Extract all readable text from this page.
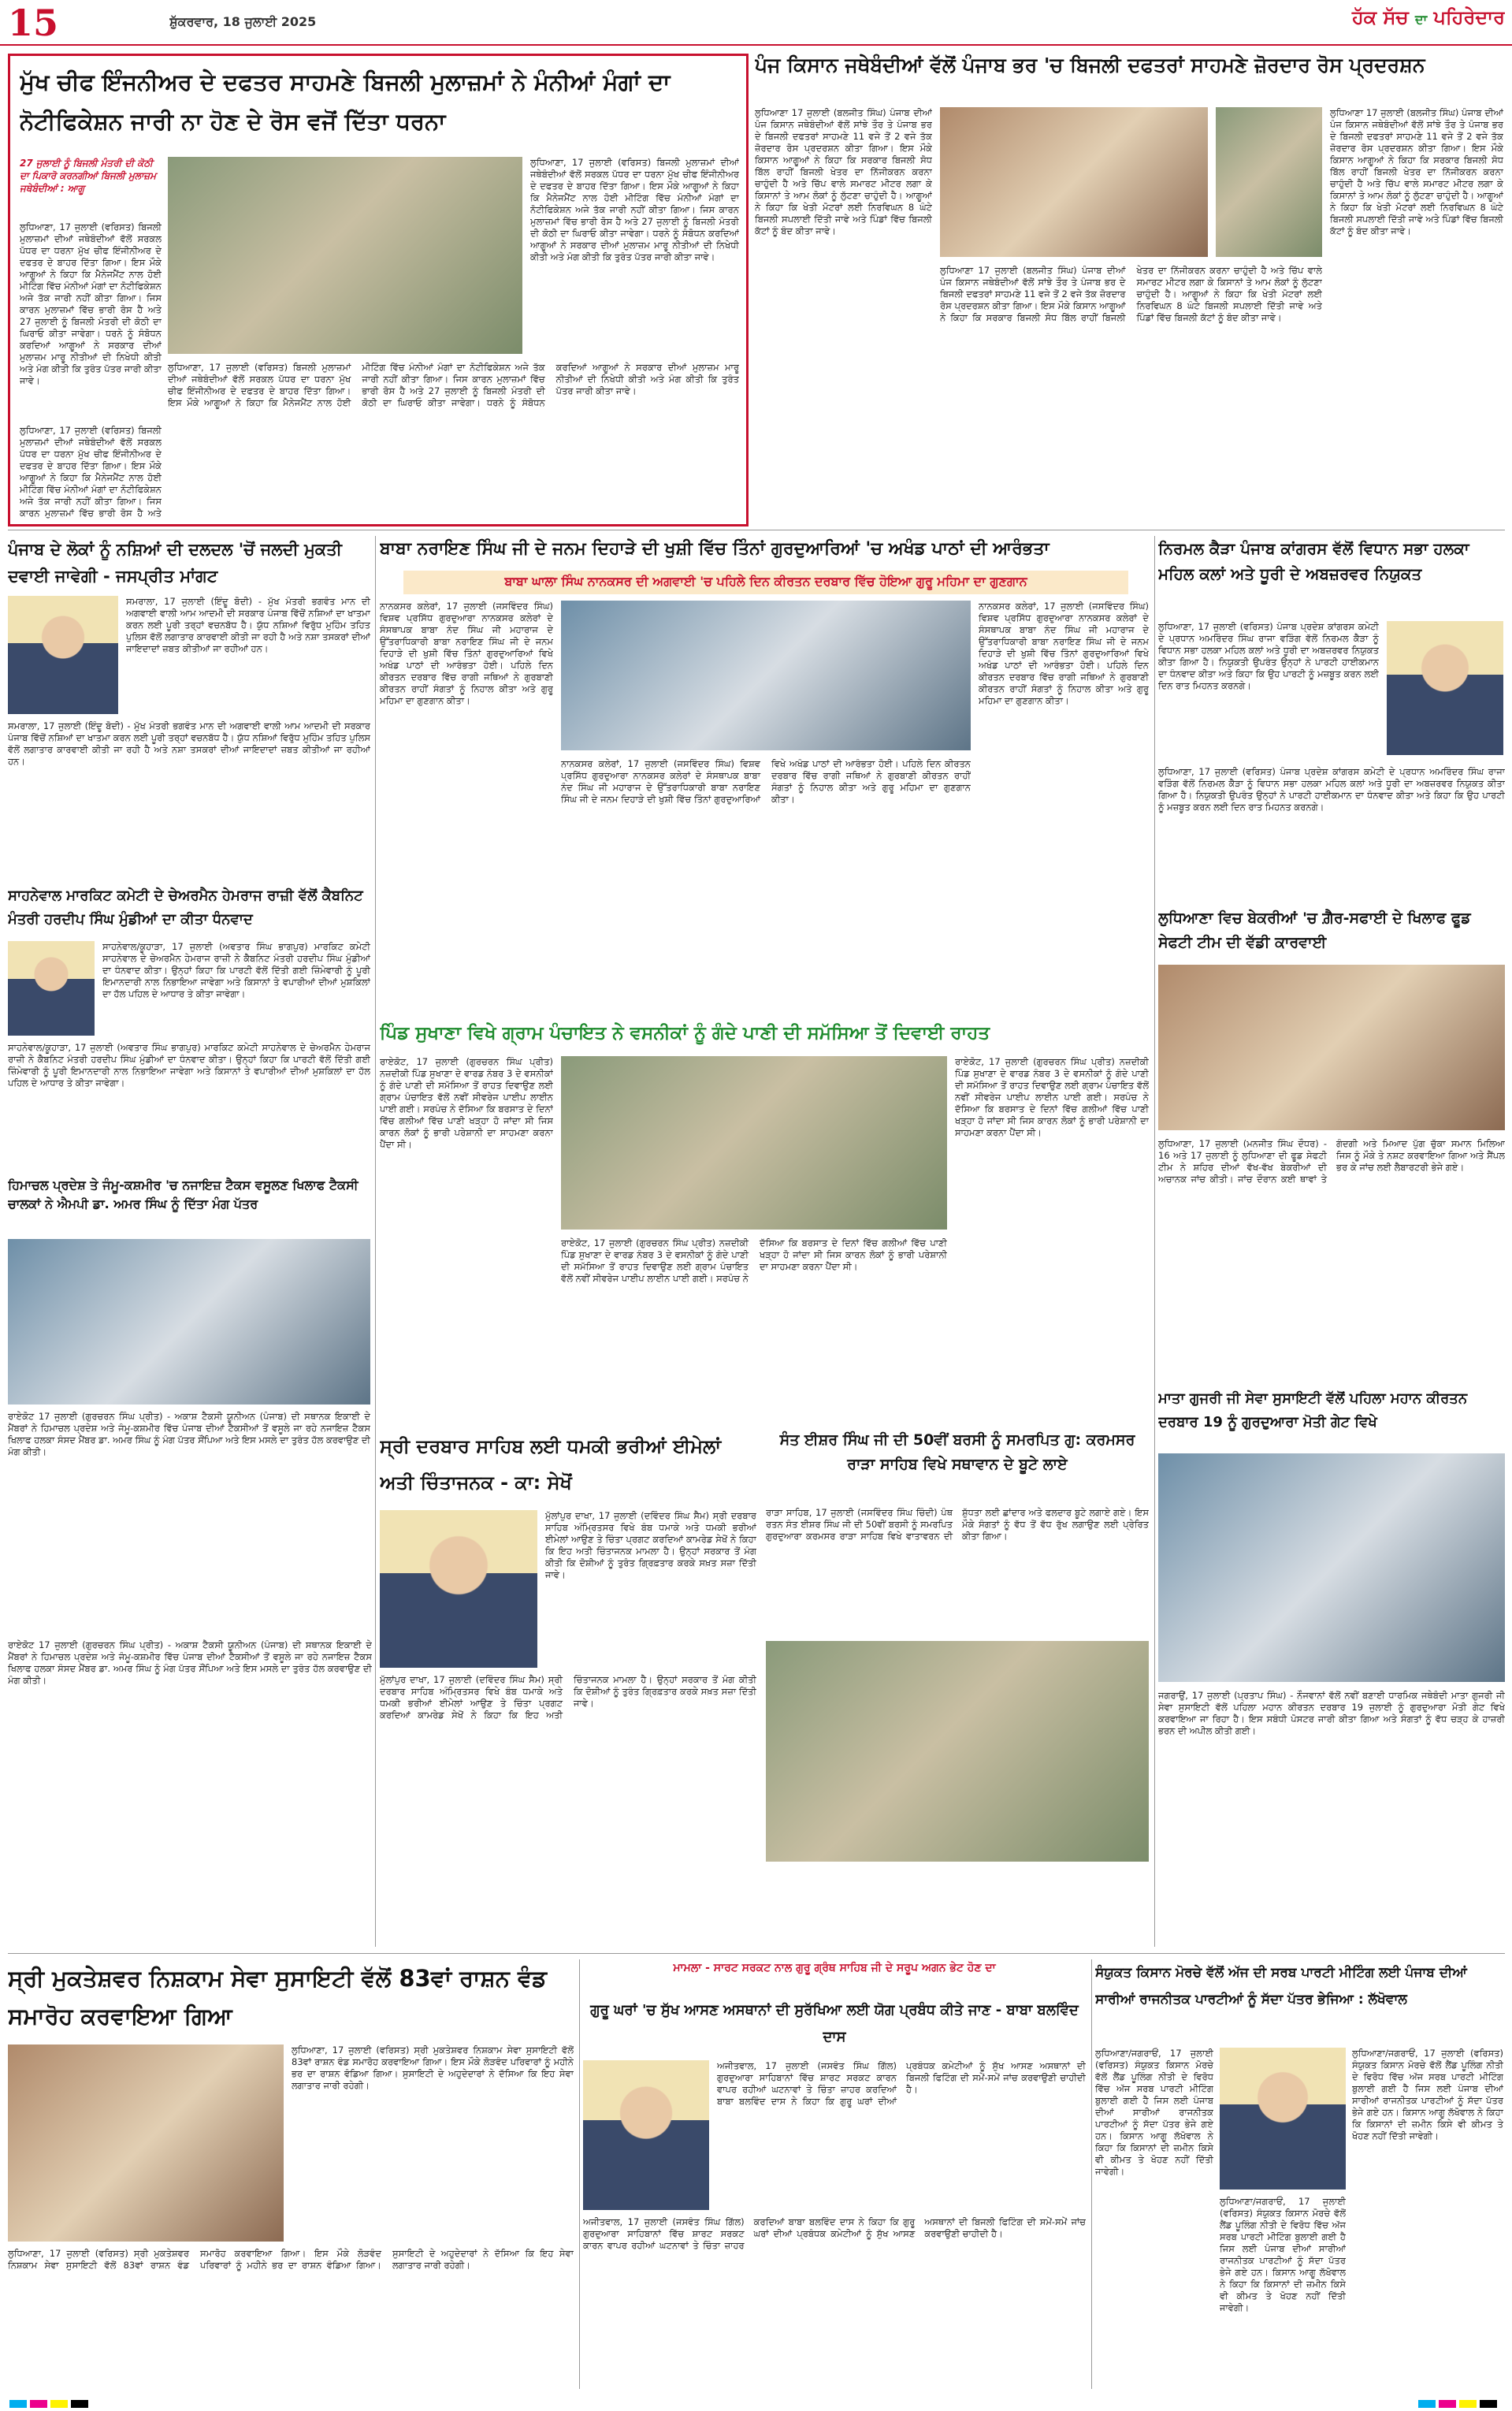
15	ਸ਼ੁੱਕਰਵਾਰ, 18 ਜੁਲਾਈ 2025	ਹੱਕ ਸੱਚ ਦਾ ਪਹਿਰੇਦਾਰ
ਮੁੱਖ ਚੀਫ ਇੰਜਨੀਅਰ ਦੇ ਦਫਤਰ ਸਾਹਮਣੇ ਬਿਜਲੀ ਮੁਲਾਜ਼ਮਾਂ ਨੇ ਮੰਨੀਆਂ ਮੰਗਾਂ ਦਾ ਨੋਟੀਫਿਕੇਸ਼ਨ ਜਾਰੀ ਨਾ ਹੋਣ ਦੇ ਰੋਸ ਵਜੋਂ ਦਿੱਤਾ ਧਰਨਾ
27 ਜੁਲਾਈ ਨੂੰ ਬਿਜਲੀ ਮੰਤਰੀ ਦੀ ਕੋਠੀ ਦਾ ਪਿਕਾਰੋ ਕਰਨਗੀਆਂ ਬਿਜਲੀ ਮੁਲਾਜ਼ਮ ਜਥੇਬੰਦੀਆਂ : ਆਗੂ
ਲੁਧਿਆਣਾ, 17 ਜੁਲਾਈ (ਵਰਿਸਤ) ਬਿਜਲੀ ਮੁਲਾਜ਼ਮਾਂ ਦੀਆਂ ਜਥੇਬੰਦੀਆਂ ਵੱਲੋਂ ਸਰਕਲ ਪੱਧਰ ਦਾ ਧਰਨਾ ਮੁੱਖ ਚੀਫ ਇੰਜੀਨੀਅਰ ਦੇ ਦਫਤਰ ਦੇ ਬਾਹਰ ਦਿੱਤਾ ਗਿਆ। ਇਸ ਮੌਕੇ ਆਗੂਆਂ ਨੇ ਕਿਹਾ ਕਿ ਮੈਨੇਜਮੈਂਟ ਨਾਲ ਹੋਈ ਮੀਟਿੰਗ ਵਿੱਚ ਮੰਨੀਆਂ ਮੰਗਾਂ ਦਾ ਨੋਟੀਫਿਕੇਸ਼ਨ ਅਜੇ ਤੱਕ ਜਾਰੀ ਨਹੀਂ ਕੀਤਾ ਗਿਆ। ਜਿਸ ਕਾਰਨ ਮੁਲਾਜ਼ਮਾਂ ਵਿੱਚ ਭਾਰੀ ਰੋਸ ਹੈ ਅਤੇ 27 ਜੁਲਾਈ ਨੂੰ ਬਿਜਲੀ ਮੰਤਰੀ ਦੀ ਕੋਠੀ ਦਾ ਘਿਰਾਓ ਕੀਤਾ ਜਾਵੇਗਾ। ਧਰਨੇ ਨੂੰ ਸੰਬੋਧਨ ਕਰਦਿਆਂ ਆਗੂਆਂ ਨੇ ਸਰਕਾਰ ਦੀਆਂ ਮੁਲਾਜ਼ਮ ਮਾਰੂ ਨੀਤੀਆਂ ਦੀ ਨਿਖੇਧੀ ਕੀਤੀ ਅਤੇ ਮੰਗ ਕੀਤੀ ਕਿ ਤੁਰੰਤ ਪੱਤਰ ਜਾਰੀ ਕੀਤਾ ਜਾਵੇ।
ਲੁਧਿਆਣਾ, 17 ਜੁਲਾਈ (ਵਰਿਸਤ) ਬਿਜਲੀ ਮੁਲਾਜ਼ਮਾਂ ਦੀਆਂ ਜਥੇਬੰਦੀਆਂ ਵੱਲੋਂ ਸਰਕਲ ਪੱਧਰ ਦਾ ਧਰਨਾ ਮੁੱਖ ਚੀਫ ਇੰਜੀਨੀਅਰ ਦੇ ਦਫਤਰ ਦੇ ਬਾਹਰ ਦਿੱਤਾ ਗਿਆ। ਇਸ ਮੌਕੇ ਆਗੂਆਂ ਨੇ ਕਿਹਾ ਕਿ ਮੈਨੇਜਮੈਂਟ ਨਾਲ ਹੋਈ ਮੀਟਿੰਗ ਵਿੱਚ ਮੰਨੀਆਂ ਮੰਗਾਂ ਦਾ ਨੋਟੀਫਿਕੇਸ਼ਨ ਅਜੇ ਤੱਕ ਜਾਰੀ ਨਹੀਂ ਕੀਤਾ ਗਿਆ। ਜਿਸ ਕਾਰਨ ਮੁਲਾਜ਼ਮਾਂ ਵਿੱਚ ਭਾਰੀ ਰੋਸ ਹੈ ਅਤੇ 27 ਜੁਲਾਈ ਨੂੰ ਬਿਜਲੀ ਮੰਤਰੀ ਦੀ ਕੋਠੀ ਦਾ ਘਿਰਾਓ ਕੀਤਾ ਜਾਵੇਗਾ। ਧਰਨੇ ਨੂੰ ਸੰਬੋਧਨ ਕਰਦਿਆਂ ਆਗੂਆਂ ਨੇ ਸਰਕਾਰ ਦੀਆਂ ਮੁਲਾਜ਼ਮ ਮਾਰੂ ਨੀਤੀਆਂ ਦੀ ਨਿਖੇਧੀ ਕੀਤੀ ਅਤੇ ਮੰਗ ਕੀਤੀ ਕਿ ਤੁਰੰਤ ਪੱਤਰ ਜਾਰੀ ਕੀਤਾ ਜਾਵੇ।
ਲੁਧਿਆਣਾ, 17 ਜੁਲਾਈ (ਵਰਿਸਤ) ਬਿਜਲੀ ਮੁਲਾਜ਼ਮਾਂ ਦੀਆਂ ਜਥੇਬੰਦੀਆਂ ਵੱਲੋਂ ਸਰਕਲ ਪੱਧਰ ਦਾ ਧਰਨਾ ਮੁੱਖ ਚੀਫ ਇੰਜੀਨੀਅਰ ਦੇ ਦਫਤਰ ਦੇ ਬਾਹਰ ਦਿੱਤਾ ਗਿਆ। ਇਸ ਮੌਕੇ ਆਗੂਆਂ ਨੇ ਕਿਹਾ ਕਿ ਮੈਨੇਜਮੈਂਟ ਨਾਲ ਹੋਈ ਮੀਟਿੰਗ ਵਿੱਚ ਮੰਨੀਆਂ ਮੰਗਾਂ ਦਾ ਨੋਟੀਫਿਕੇਸ਼ਨ ਅਜੇ ਤੱਕ ਜਾਰੀ ਨਹੀਂ ਕੀਤਾ ਗਿਆ। ਜਿਸ ਕਾਰਨ ਮੁਲਾਜ਼ਮਾਂ ਵਿੱਚ ਭਾਰੀ ਰੋਸ ਹੈ ਅਤੇ 27 ਜੁਲਾਈ ਨੂੰ ਬਿਜਲੀ ਮੰਤਰੀ ਦੀ ਕੋਠੀ ਦਾ ਘਿਰਾਓ ਕੀਤਾ ਜਾਵੇਗਾ। ਧਰਨੇ ਨੂੰ ਸੰਬੋਧਨ ਕਰਦਿਆਂ ਆਗੂਆਂ ਨੇ ਸਰਕਾਰ ਦੀਆਂ ਮੁਲਾਜ਼ਮ ਮਾਰੂ ਨੀਤੀਆਂ ਦੀ ਨਿਖੇਧੀ ਕੀਤੀ ਅਤੇ ਮੰਗ ਕੀਤੀ ਕਿ ਤੁਰੰਤ ਪੱਤਰ ਜਾਰੀ ਕੀਤਾ ਜਾਵੇ।
ਲੁਧਿਆਣਾ, 17 ਜੁਲਾਈ (ਵਰਿਸਤ) ਬਿਜਲੀ ਮੁਲਾਜ਼ਮਾਂ ਦੀਆਂ ਜਥੇਬੰਦੀਆਂ ਵੱਲੋਂ ਸਰਕਲ ਪੱਧਰ ਦਾ ਧਰਨਾ ਮੁੱਖ ਚੀਫ ਇੰਜੀਨੀਅਰ ਦੇ ਦਫਤਰ ਦੇ ਬਾਹਰ ਦਿੱਤਾ ਗਿਆ। ਇਸ ਮੌਕੇ ਆਗੂਆਂ ਨੇ ਕਿਹਾ ਕਿ ਮੈਨੇਜਮੈਂਟ ਨਾਲ ਹੋਈ ਮੀਟਿੰਗ ਵਿੱਚ ਮੰਨੀਆਂ ਮੰਗਾਂ ਦਾ ਨੋਟੀਫਿਕੇਸ਼ਨ ਅਜੇ ਤੱਕ ਜਾਰੀ ਨਹੀਂ ਕੀਤਾ ਗਿਆ। ਜਿਸ ਕਾਰਨ ਮੁਲਾਜ਼ਮਾਂ ਵਿੱਚ ਭਾਰੀ ਰੋਸ ਹੈ ਅਤੇ
ਪੰਜ ਕਿਸਾਨ ਜਥੇਬੰਦੀਆਂ ਵੱਲੋਂ ਪੰਜਾਬ ਭਰ 'ਚ ਬਿਜਲੀ ਦਫਤਰਾਂ ਸਾਹਮਣੇ ਜ਼ੋਰਦਾਰ ਰੋਸ ਪ੍ਰਦਰਸ਼ਨ
ਲੁਧਿਆਣਾ 17 ਜੁਲਾਈ (ਬਲਜੀਤ ਸਿੰਘ) ਪੰਜਾਬ ਦੀਆਂ ਪੰਜ ਕਿਸਾਨ ਜਥੇਬੰਦੀਆਂ ਵੱਲੋਂ ਸਾਂਝੇ ਤੌਰ ਤੇ ਪੰਜਾਬ ਭਰ ਦੇ ਬਿਜਲੀ ਦਫਤਰਾਂ ਸਾਹਮਣੇ 11 ਵਜੇ ਤੋਂ 2 ਵਜੇ ਤੱਕ ਜ਼ੋਰਦਾਰ ਰੋਸ ਪ੍ਰਦਰਸ਼ਨ ਕੀਤਾ ਗਿਆ। ਇਸ ਮੌਕੇ ਕਿਸਾਨ ਆਗੂਆਂ ਨੇ ਕਿਹਾ ਕਿ ਸਰਕਾਰ ਬਿਜਲੀ ਸੋਧ ਬਿੱਲ ਰਾਹੀਂ ਬਿਜਲੀ ਖੇਤਰ ਦਾ ਨਿੱਜੀਕਰਨ ਕਰਨਾ ਚਾਹੁੰਦੀ ਹੈ ਅਤੇ ਚਿੱਪ ਵਾਲੇ ਸਮਾਰਟ ਮੀਟਰ ਲਗਾ ਕੇ ਕਿਸਾਨਾਂ ਤੇ ਆਮ ਲੋਕਾਂ ਨੂੰ ਲੁੱਟਣਾ ਚਾਹੁੰਦੀ ਹੈ। ਆਗੂਆਂ ਨੇ ਕਿਹਾ ਕਿ ਖੇਤੀ ਮੋਟਰਾਂ ਲਈ ਨਿਰਵਿਘਨ 8 ਘੰਟੇ ਬਿਜਲੀ ਸਪਲਾਈ ਦਿੱਤੀ ਜਾਵੇ ਅਤੇ ਪਿੰਡਾਂ ਵਿੱਚ ਬਿਜਲੀ ਕੱਟਾਂ ਨੂੰ ਬੰਦ ਕੀਤਾ ਜਾਵੇ।
ਲੁਧਿਆਣਾ 17 ਜੁਲਾਈ (ਬਲਜੀਤ ਸਿੰਘ) ਪੰਜਾਬ ਦੀਆਂ ਪੰਜ ਕਿਸਾਨ ਜਥੇਬੰਦੀਆਂ ਵੱਲੋਂ ਸਾਂਝੇ ਤੌਰ ਤੇ ਪੰਜਾਬ ਭਰ ਦੇ ਬਿਜਲੀ ਦਫਤਰਾਂ ਸਾਹਮਣੇ 11 ਵਜੇ ਤੋਂ 2 ਵਜੇ ਤੱਕ ਜ਼ੋਰਦਾਰ ਰੋਸ ਪ੍ਰਦਰਸ਼ਨ ਕੀਤਾ ਗਿਆ। ਇਸ ਮੌਕੇ ਕਿਸਾਨ ਆਗੂਆਂ ਨੇ ਕਿਹਾ ਕਿ ਸਰਕਾਰ ਬਿਜਲੀ ਸੋਧ ਬਿੱਲ ਰਾਹੀਂ ਬਿਜਲੀ ਖੇਤਰ ਦਾ ਨਿੱਜੀਕਰਨ ਕਰਨਾ ਚਾਹੁੰਦੀ ਹੈ ਅਤੇ ਚਿੱਪ ਵਾਲੇ ਸਮਾਰਟ ਮੀਟਰ ਲਗਾ ਕੇ ਕਿਸਾਨਾਂ ਤੇ ਆਮ ਲੋਕਾਂ ਨੂੰ ਲੁੱਟਣਾ ਚਾਹੁੰਦੀ ਹੈ। ਆਗੂਆਂ ਨੇ ਕਿਹਾ ਕਿ ਖੇਤੀ ਮੋਟਰਾਂ ਲਈ ਨਿਰਵਿਘਨ 8 ਘੰਟੇ ਬਿਜਲੀ ਸਪਲਾਈ ਦਿੱਤੀ ਜਾਵੇ ਅਤੇ ਪਿੰਡਾਂ ਵਿੱਚ ਬਿਜਲੀ ਕੱਟਾਂ ਨੂੰ ਬੰਦ ਕੀਤਾ ਜਾਵੇ।
ਲੁਧਿਆਣਾ 17 ਜੁਲਾਈ (ਬਲਜੀਤ ਸਿੰਘ) ਪੰਜਾਬ ਦੀਆਂ ਪੰਜ ਕਿਸਾਨ ਜਥੇਬੰਦੀਆਂ ਵੱਲੋਂ ਸਾਂਝੇ ਤੌਰ ਤੇ ਪੰਜਾਬ ਭਰ ਦੇ ਬਿਜਲੀ ਦਫਤਰਾਂ ਸਾਹਮਣੇ 11 ਵਜੇ ਤੋਂ 2 ਵਜੇ ਤੱਕ ਜ਼ੋਰਦਾਰ ਰੋਸ ਪ੍ਰਦਰਸ਼ਨ ਕੀਤਾ ਗਿਆ। ਇਸ ਮੌਕੇ ਕਿਸਾਨ ਆਗੂਆਂ ਨੇ ਕਿਹਾ ਕਿ ਸਰਕਾਰ ਬਿਜਲੀ ਸੋਧ ਬਿੱਲ ਰਾਹੀਂ ਬਿਜਲੀ ਖੇਤਰ ਦਾ ਨਿੱਜੀਕਰਨ ਕਰਨਾ ਚਾਹੁੰਦੀ ਹੈ ਅਤੇ ਚਿੱਪ ਵਾਲੇ ਸਮਾਰਟ ਮੀਟਰ ਲਗਾ ਕੇ ਕਿਸਾਨਾਂ ਤੇ ਆਮ ਲੋਕਾਂ ਨੂੰ ਲੁੱਟਣਾ ਚਾਹੁੰਦੀ ਹੈ। ਆਗੂਆਂ ਨੇ ਕਿਹਾ ਕਿ ਖੇਤੀ ਮੋਟਰਾਂ ਲਈ ਨਿਰਵਿਘਨ 8 ਘੰਟੇ ਬਿਜਲੀ ਸਪਲਾਈ ਦਿੱਤੀ ਜਾਵੇ ਅਤੇ ਪਿੰਡਾਂ ਵਿੱਚ ਬਿਜਲੀ ਕੱਟਾਂ ਨੂੰ ਬੰਦ ਕੀਤਾ ਜਾਵੇ।
ਪੰਜਾਬ ਦੇ ਲੋਕਾਂ ਨੂੰ ਨਸ਼ਿਆਂ ਦੀ ਦਲਦਲ 'ਚੋਂ ਜਲਦੀ ਮੁਕਤੀ ਦਵਾਈ ਜਾਵੇਗੀ - ਜਸਪ੍ਰੀਤ ਮਾਂਗਟ
ਸਮਰਾਲਾ, 17 ਜੁਲਾਈ (ਇੰਦੂ ਬੋਦੀ) - ਮੁੱਖ ਮੰਤਰੀ ਭਗਵੰਤ ਮਾਨ ਦੀ ਅਗਵਾਈ ਵਾਲੀ ਆਮ ਆਦਮੀ ਦੀ ਸਰਕਾਰ ਪੰਜਾਬ ਵਿੱਚੋਂ ਨਸ਼ਿਆਂ ਦਾ ਖਾਤਮਾ ਕਰਨ ਲਈ ਪੂਰੀ ਤਰ੍ਹਾਂ ਵਚਨਬੱਧ ਹੈ। ਯੁੱਧ ਨਸ਼ਿਆਂ ਵਿਰੁੱਧ ਮੁਹਿੰਮ ਤਹਿਤ ਪੁਲਿਸ ਵੱਲੋਂ ਲਗਾਤਾਰ ਕਾਰਵਾਈ ਕੀਤੀ ਜਾ ਰਹੀ ਹੈ ਅਤੇ ਨਸ਼ਾ ਤਸਕਰਾਂ ਦੀਆਂ ਜਾਇਦਾਦਾਂ ਜ਼ਬਤ ਕੀਤੀਆਂ ਜਾ ਰਹੀਆਂ ਹਨ।
ਸਮਰਾਲਾ, 17 ਜੁਲਾਈ (ਇੰਦੂ ਬੋਦੀ) - ਮੁੱਖ ਮੰਤਰੀ ਭਗਵੰਤ ਮਾਨ ਦੀ ਅਗਵਾਈ ਵਾਲੀ ਆਮ ਆਦਮੀ ਦੀ ਸਰਕਾਰ ਪੰਜਾਬ ਵਿੱਚੋਂ ਨਸ਼ਿਆਂ ਦਾ ਖਾਤਮਾ ਕਰਨ ਲਈ ਪੂਰੀ ਤਰ੍ਹਾਂ ਵਚਨਬੱਧ ਹੈ। ਯੁੱਧ ਨਸ਼ਿਆਂ ਵਿਰੁੱਧ ਮੁਹਿੰਮ ਤਹਿਤ ਪੁਲਿਸ ਵੱਲੋਂ ਲਗਾਤਾਰ ਕਾਰਵਾਈ ਕੀਤੀ ਜਾ ਰਹੀ ਹੈ ਅਤੇ ਨਸ਼ਾ ਤਸਕਰਾਂ ਦੀਆਂ ਜਾਇਦਾਦਾਂ ਜ਼ਬਤ ਕੀਤੀਆਂ ਜਾ ਰਹੀਆਂ ਹਨ।
ਬਾਬਾ ਨਰਾਇਣ ਸਿੰਘ ਜੀ ਦੇ ਜਨਮ ਦਿਹਾੜੇ ਦੀ ਖੁਸ਼ੀ ਵਿੱਚ ਤਿੰਨਾਂ ਗੁਰਦੁਆਰਿਆਂ 'ਚ ਅਖੰਡ ਪਾਠਾਂ ਦੀ ਆਰੰਭਤਾ
ਬਾਬਾ ਘਾਲਾ ਸਿੰਘ ਨਾਨਕਸਰ ਦੀ ਅਗਵਾਈ 'ਚ ਪਹਿਲੇ ਦਿਨ ਕੀਰਤਨ ਦਰਬਾਰ ਵਿੱਚ ਹੋਇਆ ਗੁਰੂ ਮਹਿਮਾ ਦਾ ਗੁਣਗਾਨ
ਨਾਨਕਸਰ ਕਲੇਰਾਂ, 17 ਜੁਲਾਈ (ਜਸਵਿੰਦਰ ਸਿੰਘ) ਵਿਸ਼ਵ ਪ੍ਰਸਿੱਧ ਗੁਰਦੁਆਰਾ ਨਾਨਕਸਰ ਕਲੇਰਾਂ ਦੇ ਸੰਸਥਾਪਕ ਬਾਬਾ ਨੰਦ ਸਿੰਘ ਜੀ ਮਹਾਰਾਜ ਦੇ ਉੱਤਰਾਧਿਕਾਰੀ ਬਾਬਾ ਨਰਾਇਣ ਸਿੰਘ ਜੀ ਦੇ ਜਨਮ ਦਿਹਾੜੇ ਦੀ ਖੁਸ਼ੀ ਵਿੱਚ ਤਿੰਨਾਂ ਗੁਰਦੁਆਰਿਆਂ ਵਿਖੇ ਅਖੰਡ ਪਾਠਾਂ ਦੀ ਆਰੰਭਤਾ ਹੋਈ। ਪਹਿਲੇ ਦਿਨ ਕੀਰਤਨ ਦਰਬਾਰ ਵਿੱਚ ਰਾਗੀ ਜਥਿਆਂ ਨੇ ਗੁਰਬਾਣੀ ਕੀਰਤਨ ਰਾਹੀਂ ਸੰਗਤਾਂ ਨੂੰ ਨਿਹਾਲ ਕੀਤਾ ਅਤੇ ਗੁਰੂ ਮਹਿਮਾ ਦਾ ਗੁਣਗਾਨ ਕੀਤਾ।
ਨਾਨਕਸਰ ਕਲੇਰਾਂ, 17 ਜੁਲਾਈ (ਜਸਵਿੰਦਰ ਸਿੰਘ) ਵਿਸ਼ਵ ਪ੍ਰਸਿੱਧ ਗੁਰਦੁਆਰਾ ਨਾਨਕਸਰ ਕਲੇਰਾਂ ਦੇ ਸੰਸਥਾਪਕ ਬਾਬਾ ਨੰਦ ਸਿੰਘ ਜੀ ਮਹਾਰਾਜ ਦੇ ਉੱਤਰਾਧਿਕਾਰੀ ਬਾਬਾ ਨਰਾਇਣ ਸਿੰਘ ਜੀ ਦੇ ਜਨਮ ਦਿਹਾੜੇ ਦੀ ਖੁਸ਼ੀ ਵਿੱਚ ਤਿੰਨਾਂ ਗੁਰਦੁਆਰਿਆਂ ਵਿਖੇ ਅਖੰਡ ਪਾਠਾਂ ਦੀ ਆਰੰਭਤਾ ਹੋਈ। ਪਹਿਲੇ ਦਿਨ ਕੀਰਤਨ ਦਰਬਾਰ ਵਿੱਚ ਰਾਗੀ ਜਥਿਆਂ ਨੇ ਗੁਰਬਾਣੀ ਕੀਰਤਨ ਰਾਹੀਂ ਸੰਗਤਾਂ ਨੂੰ ਨਿਹਾਲ ਕੀਤਾ ਅਤੇ ਗੁਰੂ ਮਹਿਮਾ ਦਾ ਗੁਣਗਾਨ ਕੀਤਾ।
ਨਾਨਕਸਰ ਕਲੇਰਾਂ, 17 ਜੁਲਾਈ (ਜਸਵਿੰਦਰ ਸਿੰਘ) ਵਿਸ਼ਵ ਪ੍ਰਸਿੱਧ ਗੁਰਦੁਆਰਾ ਨਾਨਕਸਰ ਕਲੇਰਾਂ ਦੇ ਸੰਸਥਾਪਕ ਬਾਬਾ ਨੰਦ ਸਿੰਘ ਜੀ ਮਹਾਰਾਜ ਦੇ ਉੱਤਰਾਧਿਕਾਰੀ ਬਾਬਾ ਨਰਾਇਣ ਸਿੰਘ ਜੀ ਦੇ ਜਨਮ ਦਿਹਾੜੇ ਦੀ ਖੁਸ਼ੀ ਵਿੱਚ ਤਿੰਨਾਂ ਗੁਰਦੁਆਰਿਆਂ ਵਿਖੇ ਅਖੰਡ ਪਾਠਾਂ ਦੀ ਆਰੰਭਤਾ ਹੋਈ। ਪਹਿਲੇ ਦਿਨ ਕੀਰਤਨ ਦਰਬਾਰ ਵਿੱਚ ਰਾਗੀ ਜਥਿਆਂ ਨੇ ਗੁਰਬਾਣੀ ਕੀਰਤਨ ਰਾਹੀਂ ਸੰਗਤਾਂ ਨੂੰ ਨਿਹਾਲ ਕੀਤਾ ਅਤੇ ਗੁਰੂ ਮਹਿਮਾ ਦਾ ਗੁਣਗਾਨ ਕੀਤਾ।
ਨਿਰਮਲ ਕੈੜਾ ਪੰਜਾਬ ਕਾਂਗਰਸ ਵੱਲੋਂ ਵਿਧਾਨ ਸਭਾ ਹਲਕਾ ਮਹਿਲ ਕਲਾਂ ਅਤੇ ਧੂਰੀ ਦੇ ਅਬਜ਼ਰਵਰ ਨਿਯੁਕਤ
ਲੁਧਿਆਣਾ, 17 ਜੁਲਾਈ (ਵਰਿਸਤ) ਪੰਜਾਬ ਪ੍ਰਦੇਸ਼ ਕਾਂਗਰਸ ਕਮੇਟੀ ਦੇ ਪ੍ਰਧਾਨ ਅਮਰਿੰਦਰ ਸਿੰਘ ਰਾਜਾ ਵੜਿੰਗ ਵੱਲੋਂ ਨਿਰਮਲ ਕੈੜਾ ਨੂੰ ਵਿਧਾਨ ਸਭਾ ਹਲਕਾ ਮਹਿਲ ਕਲਾਂ ਅਤੇ ਧੂਰੀ ਦਾ ਅਬਜ਼ਰਵਰ ਨਿਯੁਕਤ ਕੀਤਾ ਗਿਆ ਹੈ। ਨਿਯੁਕਤੀ ਉਪਰੰਤ ਉਨ੍ਹਾਂ ਨੇ ਪਾਰਟੀ ਹਾਈਕਮਾਨ ਦਾ ਧੰਨਵਾਦ ਕੀਤਾ ਅਤੇ ਕਿਹਾ ਕਿ ਉਹ ਪਾਰਟੀ ਨੂੰ ਮਜ਼ਬੂਤ ਕਰਨ ਲਈ ਦਿਨ ਰਾਤ ਮਿਹਨਤ ਕਰਨਗੇ।
ਲੁਧਿਆਣਾ, 17 ਜੁਲਾਈ (ਵਰਿਸਤ) ਪੰਜਾਬ ਪ੍ਰਦੇਸ਼ ਕਾਂਗਰਸ ਕਮੇਟੀ ਦੇ ਪ੍ਰਧਾਨ ਅਮਰਿੰਦਰ ਸਿੰਘ ਰਾਜਾ ਵੜਿੰਗ ਵੱਲੋਂ ਨਿਰਮਲ ਕੈੜਾ ਨੂੰ ਵਿਧਾਨ ਸਭਾ ਹਲਕਾ ਮਹਿਲ ਕਲਾਂ ਅਤੇ ਧੂਰੀ ਦਾ ਅਬਜ਼ਰਵਰ ਨਿਯੁਕਤ ਕੀਤਾ ਗਿਆ ਹੈ। ਨਿਯੁਕਤੀ ਉਪਰੰਤ ਉਨ੍ਹਾਂ ਨੇ ਪਾਰਟੀ ਹਾਈਕਮਾਨ ਦਾ ਧੰਨਵਾਦ ਕੀਤਾ ਅਤੇ ਕਿਹਾ ਕਿ ਉਹ ਪਾਰਟੀ ਨੂੰ ਮਜ਼ਬੂਤ ਕਰਨ ਲਈ ਦਿਨ ਰਾਤ ਮਿਹਨਤ ਕਰਨਗੇ।
ਸਾਹਨੇਵਾਲ ਮਾਰਕਿਟ ਕਮੇਟੀ ਦੇ ਚੇਅਰਮੈਨ ਹੇਮਰਾਜ ਰਾਜ਼ੀ ਵੱਲੋਂ ਕੈਬਨਿਟ ਮੰਤਰੀ ਹਰਦੀਪ ਸਿੰਘ ਮੁੰਡੀਆਂ ਦਾ ਕੀਤਾ ਧੰਨਵਾਦ
ਸਾਹਨੇਵਾਲ/ਕੂਹਾੜਾ, 17 ਜੁਲਾਈ (ਅਵਤਾਰ ਸਿੰਘ ਭਾਗਪੁਰ) ਮਾਰਕਿਟ ਕਮੇਟੀ ਸਾਹਨੇਵਾਲ ਦੇ ਚੇਅਰਮੈਨ ਹੇਮਰਾਜ ਰਾਜ਼ੀ ਨੇ ਕੈਬਨਿਟ ਮੰਤਰੀ ਹਰਦੀਪ ਸਿੰਘ ਮੁੰਡੀਆਂ ਦਾ ਧੰਨਵਾਦ ਕੀਤਾ। ਉਨ੍ਹਾਂ ਕਿਹਾ ਕਿ ਪਾਰਟੀ ਵੱਲੋਂ ਦਿੱਤੀ ਗਈ ਜ਼ਿੰਮੇਵਾਰੀ ਨੂੰ ਪੂਰੀ ਇਮਾਨਦਾਰੀ ਨਾਲ ਨਿਭਾਇਆ ਜਾਵੇਗਾ ਅਤੇ ਕਿਸਾਨਾਂ ਤੇ ਵਪਾਰੀਆਂ ਦੀਆਂ ਮੁਸ਼ਕਿਲਾਂ ਦਾ ਹੱਲ ਪਹਿਲ ਦੇ ਆਧਾਰ ਤੇ ਕੀਤਾ ਜਾਵੇਗਾ।
ਸਾਹਨੇਵਾਲ/ਕੂਹਾੜਾ, 17 ਜੁਲਾਈ (ਅਵਤਾਰ ਸਿੰਘ ਭਾਗਪੁਰ) ਮਾਰਕਿਟ ਕਮੇਟੀ ਸਾਹਨੇਵਾਲ ਦੇ ਚੇਅਰਮੈਨ ਹੇਮਰਾਜ ਰਾਜ਼ੀ ਨੇ ਕੈਬਨਿਟ ਮੰਤਰੀ ਹਰਦੀਪ ਸਿੰਘ ਮੁੰਡੀਆਂ ਦਾ ਧੰਨਵਾਦ ਕੀਤਾ। ਉਨ੍ਹਾਂ ਕਿਹਾ ਕਿ ਪਾਰਟੀ ਵੱਲੋਂ ਦਿੱਤੀ ਗਈ ਜ਼ਿੰਮੇਵਾਰੀ ਨੂੰ ਪੂਰੀ ਇਮਾਨਦਾਰੀ ਨਾਲ ਨਿਭਾਇਆ ਜਾਵੇਗਾ ਅਤੇ ਕਿਸਾਨਾਂ ਤੇ ਵਪਾਰੀਆਂ ਦੀਆਂ ਮੁਸ਼ਕਿਲਾਂ ਦਾ ਹੱਲ ਪਹਿਲ ਦੇ ਆਧਾਰ ਤੇ ਕੀਤਾ ਜਾਵੇਗਾ।
ਲੁਧਿਆਣਾ ਵਿਚ ਬੇਕਰੀਆਂ 'ਚ ਗ਼ੈਰ-ਸਫਾਈ ਦੇ ਖਿਲਾਫ ਫੂਡ ਸੇਫਟੀ ਟੀਮ ਦੀ ਵੱਡੀ ਕਾਰਵਾਈ
ਲੁਧਿਆਣਾ, 17 ਜੁਲਾਈ (ਮਨਜੀਤ ਸਿੰਘ ਦੌਧਰ) - 16 ਅਤੇ 17 ਜੁਲਾਈ ਨੂੰ ਲੁਧਿਆਣਾ ਦੀ ਫੂਡ ਸੇਫਟੀ ਟੀਮ ਨੇ ਸ਼ਹਿਰ ਦੀਆਂ ਵੱਖ-ਵੱਖ ਬੇਕਰੀਆਂ ਦੀ ਅਚਾਨਕ ਜਾਂਚ ਕੀਤੀ। ਜਾਂਚ ਦੌਰਾਨ ਕਈ ਥਾਵਾਂ ਤੇ ਗੰਦਗੀ ਅਤੇ ਮਿਆਦ ਪੁੱਗ ਚੁੱਕਾ ਸਮਾਨ ਮਿਲਿਆ ਜਿਸ ਨੂੰ ਮੌਕੇ ਤੇ ਨਸ਼ਟ ਕਰਵਾਇਆ ਗਿਆ ਅਤੇ ਸੈਂਪਲ ਭਰ ਕੇ ਜਾਂਚ ਲਈ ਲੈਬਾਰਟਰੀ ਭੇਜੇ ਗਏ।
ਪਿੰਡ ਸੁਖਾਣਾ ਵਿਖੇ ਗ੍ਰਾਮ ਪੰਚਾਇਤ ਨੇ ਵਸਨੀਕਾਂ ਨੂੰ ਗੰਦੇ ਪਾਣੀ ਦੀ ਸਮੱਸਿਆ ਤੋਂ ਦਿਵਾਈ ਰਾਹਤ
ਰਾਏਕੋਟ, 17 ਜੁਲਾਈ (ਗੁਰਚਰਨ ਸਿੰਘ ਪ੍ਰੀਤ) ਨਜ਼ਦੀਕੀ ਪਿੰਡ ਸੁਖਾਣਾ ਦੇ ਵਾਰਡ ਨੰਬਰ 3 ਦੇ ਵਸਨੀਕਾਂ ਨੂੰ ਗੰਦੇ ਪਾਣੀ ਦੀ ਸਮੱਸਿਆ ਤੋਂ ਰਾਹਤ ਦਿਵਾਉਣ ਲਈ ਗ੍ਰਾਮ ਪੰਚਾਇਤ ਵੱਲੋਂ ਨਵੀਂ ਸੀਵਰੇਜ ਪਾਈਪ ਲਾਈਨ ਪਾਈ ਗਈ। ਸਰਪੰਚ ਨੇ ਦੱਸਿਆ ਕਿ ਬਰਸਾਤ ਦੇ ਦਿਨਾਂ ਵਿੱਚ ਗਲੀਆਂ ਵਿੱਚ ਪਾਣੀ ਖੜ੍ਹਾ ਹੋ ਜਾਂਦਾ ਸੀ ਜਿਸ ਕਾਰਨ ਲੋਕਾਂ ਨੂੰ ਭਾਰੀ ਪਰੇਸ਼ਾਨੀ ਦਾ ਸਾਹਮਣਾ ਕਰਨਾ ਪੈਂਦਾ ਸੀ।
ਰਾਏਕੋਟ, 17 ਜੁਲਾਈ (ਗੁਰਚਰਨ ਸਿੰਘ ਪ੍ਰੀਤ) ਨਜ਼ਦੀਕੀ ਪਿੰਡ ਸੁਖਾਣਾ ਦੇ ਵਾਰਡ ਨੰਬਰ 3 ਦੇ ਵਸਨੀਕਾਂ ਨੂੰ ਗੰਦੇ ਪਾਣੀ ਦੀ ਸਮੱਸਿਆ ਤੋਂ ਰਾਹਤ ਦਿਵਾਉਣ ਲਈ ਗ੍ਰਾਮ ਪੰਚਾਇਤ ਵੱਲੋਂ ਨਵੀਂ ਸੀਵਰੇਜ ਪਾਈਪ ਲਾਈਨ ਪਾਈ ਗਈ। ਸਰਪੰਚ ਨੇ ਦੱਸਿਆ ਕਿ ਬਰਸਾਤ ਦੇ ਦਿਨਾਂ ਵਿੱਚ ਗਲੀਆਂ ਵਿੱਚ ਪਾਣੀ ਖੜ੍ਹਾ ਹੋ ਜਾਂਦਾ ਸੀ ਜਿਸ ਕਾਰਨ ਲੋਕਾਂ ਨੂੰ ਭਾਰੀ ਪਰੇਸ਼ਾਨੀ ਦਾ ਸਾਹਮਣਾ ਕਰਨਾ ਪੈਂਦਾ ਸੀ।
ਰਾਏਕੋਟ, 17 ਜੁਲਾਈ (ਗੁਰਚਰਨ ਸਿੰਘ ਪ੍ਰੀਤ) ਨਜ਼ਦੀਕੀ ਪਿੰਡ ਸੁਖਾਣਾ ਦੇ ਵਾਰਡ ਨੰਬਰ 3 ਦੇ ਵਸਨੀਕਾਂ ਨੂੰ ਗੰਦੇ ਪਾਣੀ ਦੀ ਸਮੱਸਿਆ ਤੋਂ ਰਾਹਤ ਦਿਵਾਉਣ ਲਈ ਗ੍ਰਾਮ ਪੰਚਾਇਤ ਵੱਲੋਂ ਨਵੀਂ ਸੀਵਰੇਜ ਪਾਈਪ ਲਾਈਨ ਪਾਈ ਗਈ। ਸਰਪੰਚ ਨੇ ਦੱਸਿਆ ਕਿ ਬਰਸਾਤ ਦੇ ਦਿਨਾਂ ਵਿੱਚ ਗਲੀਆਂ ਵਿੱਚ ਪਾਣੀ ਖੜ੍ਹਾ ਹੋ ਜਾਂਦਾ ਸੀ ਜਿਸ ਕਾਰਨ ਲੋਕਾਂ ਨੂੰ ਭਾਰੀ ਪਰੇਸ਼ਾਨੀ ਦਾ ਸਾਹਮਣਾ ਕਰਨਾ ਪੈਂਦਾ ਸੀ।
ਹਿਮਾਚਲ ਪ੍ਰਦੇਸ਼ ਤੇ ਜੰਮੂ-ਕਸ਼ਮੀਰ 'ਚ ਨਜਾਇਜ਼ ਟੈਕਸ ਵਸੂਲਣ ਖਿਲਾਫ ਟੈਕਸੀ ਚਾਲਕਾਂ ਨੇ ਐਮਪੀ ਡਾ. ਅਮਰ ਸਿੰਘ ਨੂੰ ਦਿੱਤਾ ਮੰਗ ਪੱਤਰ
ਰਾਏਕੋਟ 17 ਜੁਲਾਈ (ਗੁਰਚਰਨ ਸਿੰਘ ਪ੍ਰੀਤ) - ਅਕਾਸ਼ ਟੈਕਸੀ ਯੂਨੀਅਨ (ਪੰਜਾਬ) ਦੀ ਸਥਾਨਕ ਇਕਾਈ ਦੇ ਮੈਂਬਰਾਂ ਨੇ ਹਿਮਾਚਲ ਪ੍ਰਦੇਸ਼ ਅਤੇ ਜੰਮੂ-ਕਸ਼ਮੀਰ ਵਿੱਚ ਪੰਜਾਬ ਦੀਆਂ ਟੈਕਸੀਆਂ ਤੋਂ ਵਸੂਲੇ ਜਾ ਰਹੇ ਨਜਾਇਜ਼ ਟੈਕਸ ਖਿਲਾਫ ਹਲਕਾ ਸੰਸਦ ਮੈਂਬਰ ਡਾ. ਅਮਰ ਸਿੰਘ ਨੂੰ ਮੰਗ ਪੱਤਰ ਸੌਂਪਿਆ ਅਤੇ ਇਸ ਮਸਲੇ ਦਾ ਤੁਰੰਤ ਹੱਲ ਕਰਵਾਉਣ ਦੀ ਮੰਗ ਕੀਤੀ।
ਸੰਤ ਈਸ਼ਰ ਸਿੰਘ ਜੀ ਦੀ 50ਵੀਂ ਬਰਸੀ ਨੂੰ ਸਮਰਪਿਤ ਗੁ: ਕਰਮਸਰ ਰਾੜਾ ਸਾਹਿਬ ਵਿਖੇ ਸਥਾਵਾਨ ਦੇ ਬੂਟੇ ਲਾਏ
ਰਾੜਾ ਸਾਹਿਬ, 17 ਜੁਲਾਈ (ਜਸਵਿੰਦਰ ਸਿੰਘ ਚਿੰਦੀ) ਪੰਥ ਰਤਨ ਸੰਤ ਈਸ਼ਰ ਸਿੰਘ ਜੀ ਦੀ 50ਵੀਂ ਬਰਸੀ ਨੂੰ ਸਮਰਪਿਤ ਗੁਰਦੁਆਰਾ ਕਰਮਸਰ ਰਾੜਾ ਸਾਹਿਬ ਵਿਖੇ ਵਾਤਾਵਰਨ ਦੀ ਸ਼ੁੱਧਤਾ ਲਈ ਛਾਂਦਾਰ ਅਤੇ ਫਲਦਾਰ ਬੂਟੇ ਲਗਾਏ ਗਏ। ਇਸ ਮੌਕੇ ਸੰਗਤਾਂ ਨੂੰ ਵੱਧ ਤੋਂ ਵੱਧ ਰੁੱਖ ਲਗਾਉਣ ਲਈ ਪ੍ਰੇਰਿਤ ਕੀਤਾ ਗਿਆ।
ਸ੍ਰੀ ਦਰਬਾਰ ਸਾਹਿਬ ਲਈ ਧਮਕੀ ਭਰੀਆਂ ਈਮੇਲਾਂ ਅਤੀ ਚਿੰਤਾਜਨਕ - ਕਾ: ਸੇਖੋਂ
ਮੁੱਲਾਂਪੁਰ ਦਾਖਾ, 17 ਜੁਲਾਈ (ਦਵਿੰਦਰ ਸਿੰਘ ਸੈਮ) ਸ੍ਰੀ ਦਰਬਾਰ ਸਾਹਿਬ ਅੰਮ੍ਰਿਤਸਰ ਵਿਖੇ ਬੰਬ ਧਮਾਕੇ ਅਤੇ ਧਮਕੀ ਭਰੀਆਂ ਈਮੇਲਾਂ ਆਉਣ ਤੇ ਚਿੰਤਾ ਪ੍ਰਗਟ ਕਰਦਿਆਂ ਕਾਮਰੇਡ ਸੇਖੋਂ ਨੇ ਕਿਹਾ ਕਿ ਇਹ ਅਤੀ ਚਿੰਤਾਜਨਕ ਮਾਮਲਾ ਹੈ। ਉਨ੍ਹਾਂ ਸਰਕਾਰ ਤੋਂ ਮੰਗ ਕੀਤੀ ਕਿ ਦੋਸ਼ੀਆਂ ਨੂੰ ਤੁਰੰਤ ਗ੍ਰਿਫ਼ਤਾਰ ਕਰਕੇ ਸਖ਼ਤ ਸਜ਼ਾ ਦਿੱਤੀ ਜਾਵੇ।
ਮੁੱਲਾਂਪੁਰ ਦਾਖਾ, 17 ਜੁਲਾਈ (ਦਵਿੰਦਰ ਸਿੰਘ ਸੈਮ) ਸ੍ਰੀ ਦਰਬਾਰ ਸਾਹਿਬ ਅੰਮ੍ਰਿਤਸਰ ਵਿਖੇ ਬੰਬ ਧਮਾਕੇ ਅਤੇ ਧਮਕੀ ਭਰੀਆਂ ਈਮੇਲਾਂ ਆਉਣ ਤੇ ਚਿੰਤਾ ਪ੍ਰਗਟ ਕਰਦਿਆਂ ਕਾਮਰੇਡ ਸੇਖੋਂ ਨੇ ਕਿਹਾ ਕਿ ਇਹ ਅਤੀ ਚਿੰਤਾਜਨਕ ਮਾਮਲਾ ਹੈ। ਉਨ੍ਹਾਂ ਸਰਕਾਰ ਤੋਂ ਮੰਗ ਕੀਤੀ ਕਿ ਦੋਸ਼ੀਆਂ ਨੂੰ ਤੁਰੰਤ ਗ੍ਰਿਫ਼ਤਾਰ ਕਰਕੇ ਸਖ਼ਤ ਸਜ਼ਾ ਦਿੱਤੀ ਜਾਵੇ।
ਮਾਤਾ ਗੁਜਰੀ ਜੀ ਸੇਵਾ ਸੁਸਾਇਟੀ ਵੱਲੋਂ ਪਹਿਲਾ ਮਹਾਨ ਕੀਰਤਨ ਦਰਬਾਰ 19 ਨੂੰ ਗੁਰਦੁਆਰਾ ਮੋਤੀ ਗੇਟ ਵਿਖੇ
ਜਗਰਾਉਂ, 17 ਜੁਲਾਈ (ਪ੍ਰਤਾਪ ਸਿੰਘ) - ਨੌਜਵਾਨਾਂ ਵੱਲੋਂ ਨਵੀਂ ਬਣਾਈ ਧਾਰਮਿਕ ਜਥੇਬੰਦੀ ਮਾਤਾ ਗੁਜਰੀ ਜੀ ਸੇਵਾ ਸੁਸਾਇਟੀ ਵੱਲੋਂ ਪਹਿਲਾ ਮਹਾਨ ਕੀਰਤਨ ਦਰਬਾਰ 19 ਜੁਲਾਈ ਨੂੰ ਗੁਰਦੁਆਰਾ ਮੋਤੀ ਗੇਟ ਵਿਖੇ ਕਰਵਾਇਆ ਜਾ ਰਿਹਾ ਹੈ। ਇਸ ਸਬੰਧੀ ਪੋਸਟਰ ਜਾਰੀ ਕੀਤਾ ਗਿਆ ਅਤੇ ਸੰਗਤਾਂ ਨੂੰ ਵੱਧ ਚੜ੍ਹ ਕੇ ਹਾਜ਼ਰੀ ਭਰਨ ਦੀ ਅਪੀਲ ਕੀਤੀ ਗਈ।
ਰਾਏਕੋਟ 17 ਜੁਲਾਈ (ਗੁਰਚਰਨ ਸਿੰਘ ਪ੍ਰੀਤ) - ਅਕਾਸ਼ ਟੈਕਸੀ ਯੂਨੀਅਨ (ਪੰਜਾਬ) ਦੀ ਸਥਾਨਕ ਇਕਾਈ ਦੇ ਮੈਂਬਰਾਂ ਨੇ ਹਿਮਾਚਲ ਪ੍ਰਦੇਸ਼ ਅਤੇ ਜੰਮੂ-ਕਸ਼ਮੀਰ ਵਿੱਚ ਪੰਜਾਬ ਦੀਆਂ ਟੈਕਸੀਆਂ ਤੋਂ ਵਸੂਲੇ ਜਾ ਰਹੇ ਨਜਾਇਜ਼ ਟੈਕਸ ਖਿਲਾਫ ਹਲਕਾ ਸੰਸਦ ਮੈਂਬਰ ਡਾ. ਅਮਰ ਸਿੰਘ ਨੂੰ ਮੰਗ ਪੱਤਰ ਸੌਂਪਿਆ ਅਤੇ ਇਸ ਮਸਲੇ ਦਾ ਤੁਰੰਤ ਹੱਲ ਕਰਵਾਉਣ ਦੀ ਮੰਗ ਕੀਤੀ।
ਸ੍ਰੀ ਮੁਕਤੇਸ਼ਵਰ ਨਿਸ਼ਕਾਮ ਸੇਵਾ ਸੁਸਾਇਟੀ ਵੱਲੋਂ 83ਵਾਂ ਰਾਸ਼ਨ ਵੰਡ ਸਮਾਰੋਹ ਕਰਵਾਇਆ ਗਿਆ
ਲੁਧਿਆਣਾ, 17 ਜੁਲਾਈ (ਵਰਿਸਤ) ਸ੍ਰੀ ਮੁਕਤੇਸ਼ਵਰ ਨਿਸ਼ਕਾਮ ਸੇਵਾ ਸੁਸਾਇਟੀ ਵੱਲੋਂ 83ਵਾਂ ਰਾਸ਼ਨ ਵੰਡ ਸਮਾਰੋਹ ਕਰਵਾਇਆ ਗਿਆ। ਇਸ ਮੌਕੇ ਲੋੜਵੰਦ ਪਰਿਵਾਰਾਂ ਨੂੰ ਮਹੀਨੇ ਭਰ ਦਾ ਰਾਸ਼ਨ ਵੰਡਿਆ ਗਿਆ। ਸੁਸਾਇਟੀ ਦੇ ਅਹੁਦੇਦਾਰਾਂ ਨੇ ਦੱਸਿਆ ਕਿ ਇਹ ਸੇਵਾ ਲਗਾਤਾਰ ਜਾਰੀ ਰਹੇਗੀ।
ਲੁਧਿਆਣਾ, 17 ਜੁਲਾਈ (ਵਰਿਸਤ) ਸ੍ਰੀ ਮੁਕਤੇਸ਼ਵਰ ਨਿਸ਼ਕਾਮ ਸੇਵਾ ਸੁਸਾਇਟੀ ਵੱਲੋਂ 83ਵਾਂ ਰਾਸ਼ਨ ਵੰਡ ਸਮਾਰੋਹ ਕਰਵਾਇਆ ਗਿਆ। ਇਸ ਮੌਕੇ ਲੋੜਵੰਦ ਪਰਿਵਾਰਾਂ ਨੂੰ ਮਹੀਨੇ ਭਰ ਦਾ ਰਾਸ਼ਨ ਵੰਡਿਆ ਗਿਆ। ਸੁਸਾਇਟੀ ਦੇ ਅਹੁਦੇਦਾਰਾਂ ਨੇ ਦੱਸਿਆ ਕਿ ਇਹ ਸੇਵਾ ਲਗਾਤਾਰ ਜਾਰੀ ਰਹੇਗੀ।
ਮਾਮਲਾ - ਸਾਰਟ ਸਰਕਟ ਨਾਲ ਗੁਰੂ ਗ੍ਰੰਥ ਸਾਹਿਬ ਜੀ ਦੇ ਸਰੂਪ ਅਗਨ ਭੇਟ ਹੋਣ ਦਾ
ਗੁਰੂ ਘਰਾਂ 'ਚ ਸੁੱਖ ਆਸਣ ਅਸਥਾਨਾਂ ਦੀ ਸੁਰੱਖਿਆ ਲਈ ਯੋਗ ਪ੍ਰਬੰਧ ਕੀਤੇ ਜਾਣ - ਬਾਬਾ ਬਲਵਿੰਦ ਦਾਸ
ਅਜੀਤਵਾਲ, 17 ਜੁਲਾਈ (ਜਸਵੰਤ ਸਿੰਘ ਗਿੱਲ) ਗੁਰਦੁਆਰਾ ਸਾਹਿਬਾਨਾਂ ਵਿੱਚ ਸ਼ਾਰਟ ਸਰਕਟ ਕਾਰਨ ਵਾਪਰ ਰਹੀਆਂ ਘਟਨਾਵਾਂ ਤੇ ਚਿੰਤਾ ਜ਼ਾਹਰ ਕਰਦਿਆਂ ਬਾਬਾ ਬਲਵਿੰਦ ਦਾਸ ਨੇ ਕਿਹਾ ਕਿ ਗੁਰੂ ਘਰਾਂ ਦੀਆਂ ਪ੍ਰਬੰਧਕ ਕਮੇਟੀਆਂ ਨੂੰ ਸੁੱਖ ਆਸਣ ਅਸਥਾਨਾਂ ਦੀ ਬਿਜਲੀ ਫਿਟਿੰਗ ਦੀ ਸਮੇਂ-ਸਮੇਂ ਜਾਂਚ ਕਰਵਾਉਣੀ ਚਾਹੀਦੀ ਹੈ।
ਅਜੀਤਵਾਲ, 17 ਜੁਲਾਈ (ਜਸਵੰਤ ਸਿੰਘ ਗਿੱਲ) ਗੁਰਦੁਆਰਾ ਸਾਹਿਬਾਨਾਂ ਵਿੱਚ ਸ਼ਾਰਟ ਸਰਕਟ ਕਾਰਨ ਵਾਪਰ ਰਹੀਆਂ ਘਟਨਾਵਾਂ ਤੇ ਚਿੰਤਾ ਜ਼ਾਹਰ ਕਰਦਿਆਂ ਬਾਬਾ ਬਲਵਿੰਦ ਦਾਸ ਨੇ ਕਿਹਾ ਕਿ ਗੁਰੂ ਘਰਾਂ ਦੀਆਂ ਪ੍ਰਬੰਧਕ ਕਮੇਟੀਆਂ ਨੂੰ ਸੁੱਖ ਆਸਣ ਅਸਥਾਨਾਂ ਦੀ ਬਿਜਲੀ ਫਿਟਿੰਗ ਦੀ ਸਮੇਂ-ਸਮੇਂ ਜਾਂਚ ਕਰਵਾਉਣੀ ਚਾਹੀਦੀ ਹੈ।
ਸੰਯੁਕਤ ਕਿਸਾਨ ਮੋਰਚੇ ਵੱਲੋਂ ਅੱਜ ਦੀ ਸਰਬ ਪਾਰਟੀ ਮੀਟਿੰਗ ਲਈ ਪੰਜਾਬ ਦੀਆਂ ਸਾਰੀਆਂ ਰਾਜਨੀਤਕ ਪਾਰਟੀਆਂ ਨੂੰ ਸੱਦਾ ਪੱਤਰ ਭੇਜਿਆ : ਲੱਖੋਵਾਲ
ਲੁਧਿਆਣਾ/ਜਗਰਾਓਂ, 17 ਜੁਲਾਈ (ਵਰਿਸਤ) ਸੰਯੁਕਤ ਕਿਸਾਨ ਮੋਰਚੇ ਵੱਲੋਂ ਲੈਂਡ ਪੂਲਿੰਗ ਨੀਤੀ ਦੇ ਵਿਰੋਧ ਵਿੱਚ ਅੱਜ ਸਰਬ ਪਾਰਟੀ ਮੀਟਿੰਗ ਬੁਲਾਈ ਗਈ ਹੈ ਜਿਸ ਲਈ ਪੰਜਾਬ ਦੀਆਂ ਸਾਰੀਆਂ ਰਾਜਨੀਤਕ ਪਾਰਟੀਆਂ ਨੂੰ ਸੱਦਾ ਪੱਤਰ ਭੇਜੇ ਗਏ ਹਨ। ਕਿਸਾਨ ਆਗੂ ਲੱਖੋਵਾਲ ਨੇ ਕਿਹਾ ਕਿ ਕਿਸਾਨਾਂ ਦੀ ਜ਼ਮੀਨ ਕਿਸੇ ਵੀ ਕੀਮਤ ਤੇ ਖੋਹਣ ਨਹੀਂ ਦਿੱਤੀ ਜਾਵੇਗੀ।
ਲੁਧਿਆਣਾ/ਜਗਰਾਓਂ, 17 ਜੁਲਾਈ (ਵਰਿਸਤ) ਸੰਯੁਕਤ ਕਿਸਾਨ ਮੋਰਚੇ ਵੱਲੋਂ ਲੈਂਡ ਪੂਲਿੰਗ ਨੀਤੀ ਦੇ ਵਿਰੋਧ ਵਿੱਚ ਅੱਜ ਸਰਬ ਪਾਰਟੀ ਮੀਟਿੰਗ ਬੁਲਾਈ ਗਈ ਹੈ ਜਿਸ ਲਈ ਪੰਜਾਬ ਦੀਆਂ ਸਾਰੀਆਂ ਰਾਜਨੀਤਕ ਪਾਰਟੀਆਂ ਨੂੰ ਸੱਦਾ ਪੱਤਰ ਭੇਜੇ ਗਏ ਹਨ। ਕਿਸਾਨ ਆਗੂ ਲੱਖੋਵਾਲ ਨੇ ਕਿਹਾ ਕਿ ਕਿਸਾਨਾਂ ਦੀ ਜ਼ਮੀਨ ਕਿਸੇ ਵੀ ਕੀਮਤ ਤੇ ਖੋਹਣ ਨਹੀਂ ਦਿੱਤੀ ਜਾਵੇਗੀ।
ਲੁਧਿਆਣਾ/ਜਗਰਾਓਂ, 17 ਜੁਲਾਈ (ਵਰਿਸਤ) ਸੰਯੁਕਤ ਕਿਸਾਨ ਮੋਰਚੇ ਵੱਲੋਂ ਲੈਂਡ ਪੂਲਿੰਗ ਨੀਤੀ ਦੇ ਵਿਰੋਧ ਵਿੱਚ ਅੱਜ ਸਰਬ ਪਾਰਟੀ ਮੀਟਿੰਗ ਬੁਲਾਈ ਗਈ ਹੈ ਜਿਸ ਲਈ ਪੰਜਾਬ ਦੀਆਂ ਸਾਰੀਆਂ ਰਾਜਨੀਤਕ ਪਾਰਟੀਆਂ ਨੂੰ ਸੱਦਾ ਪੱਤਰ ਭੇਜੇ ਗਏ ਹਨ। ਕਿਸਾਨ ਆਗੂ ਲੱਖੋਵਾਲ ਨੇ ਕਿਹਾ ਕਿ ਕਿਸਾਨਾਂ ਦੀ ਜ਼ਮੀਨ ਕਿਸੇ ਵੀ ਕੀਮਤ ਤੇ ਖੋਹਣ ਨਹੀਂ ਦਿੱਤੀ ਜਾਵੇਗੀ।
